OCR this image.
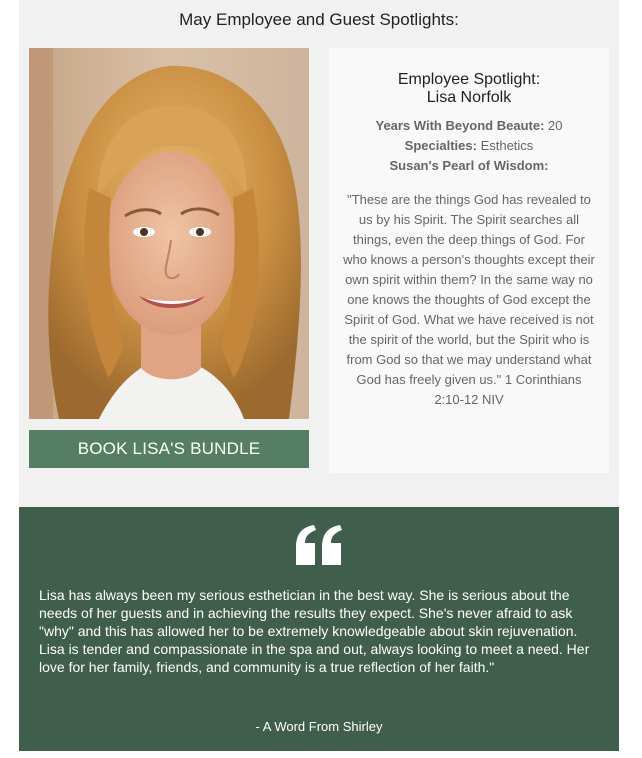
May Employee and Guest Spotlights:
BOOK LISA'S BUNDLE
Employee Spotlight:
Lisa Norfolk
Years With Beyond Beaute: 20
Specialties: Esthetics
Susan's Pearl of Wisdom:

"These are the things God has revealed to us by his Spirit. The Spirit searches all things, even the deep things of God. For who knows a person's thoughts except their own spirit within them? In the same way no one knows the thoughts of God except the Spirit of God. What we have received is not the spirit of the world, but the Spirit who is from God so that we may understand what God has freely given us." 1 Corinthians 2:10-12 NIV

Lisa has always been my serious esthetician in the best way. She is serious about the needs of her guests and in achieving the results they expect. She's never afraid to ask "why" and this has allowed her to be extremely knowledgeable about skin rejuvenation. Lisa is tender and compassionate in the spa and out, always looking to meet a need. Her love for her family, friends, and community is a true reflection of her faith."

- A Word From Shirley
